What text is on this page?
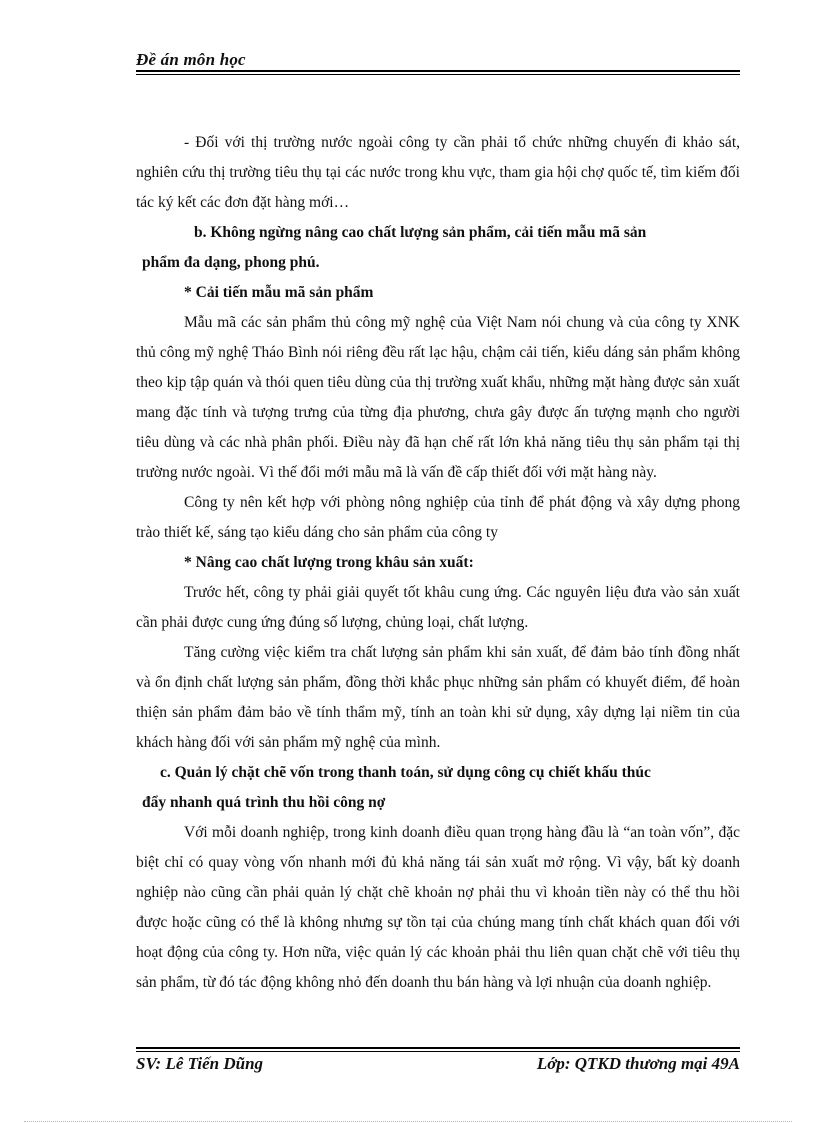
Đề án môn học

- Đối với thị trường nước ngoài công ty cần phải tổ chức những chuyến đi khảo sát, nghiên cứu thị trường tiêu thụ tại các nước trong khu vực, tham gia hội chợ quốc tế, tìm kiếm đối tác ký kết các đơn đặt hàng mới…

b. Không ngừng nâng cao chất lượng sản phẩm, cải tiến mẫu mã sản
phẩm đa dạng, phong phú.

* Cải tiến mẫu mã sản phẩm

Mẫu mã các sản phẩm thủ công mỹ nghệ của Việt Nam nói chung và của công ty XNK thủ công mỹ nghệ Tháo Bình nói riêng đều rất lạc hậu, chậm cải tiến, kiểu dáng sản phẩm không theo kịp tập quán và thói quen tiêu dùng của thị trường xuất khẩu, những mặt hàng được sản xuất mang đặc tính và tượng trưng của từng địa phương, chưa gây được ấn tượng mạnh cho người tiêu dùng và các nhà phân phối. Điều này đã hạn chế rất lớn khả năng tiêu thụ sản phẩm tại thị trường nước ngoài. Vì thế đổi mới mẫu mã là vấn đề cấp thiết đối với mặt hàng này.

Công ty nên kết hợp với phòng nông nghiệp của tỉnh để phát động và xây dựng phong trào thiết kế, sáng tạo kiểu dáng cho sản phẩm của công ty

* Nâng cao chất lượng trong khâu sản xuất:

Trước hết, công ty phải giải quyết tốt khâu cung ứng. Các nguyên liệu đưa vào sản xuất cần phải được cung ứng đúng số lượng, chủng loại, chất lượng.

Tăng cường việc kiểm tra chất lượng sản phẩm khi sản xuất, để đảm bảo tính đồng nhất và ổn định chất lượng sản phẩm, đồng thời khắc phục những sản phẩm có khuyết điểm, để hoàn thiện sản phẩm đảm bảo về tính thẩm mỹ, tính an toàn khi sử dụng, xây dựng lại niềm tin của khách hàng đối với sản phẩm mỹ nghệ của mình.

c. Quản lý chặt chẽ vốn trong thanh toán, sử dụng công cụ chiết khấu thúc
đẩy nhanh quá trình thu hồi công nợ

Với mỗi doanh nghiệp, trong kinh doanh điều quan trọng hàng đầu là “an toàn vốn”, đặc biệt chỉ có quay vòng vốn nhanh mới đủ khả năng tái sản xuất mở rộng. Vì vậy, bất kỳ doanh nghiệp nào cũng cần phải quản lý chặt chẽ khoản nợ phải thu vì khoản tiền này có thể thu hồi được hoặc cũng có thể là không nhưng sự tồn tại của chúng mang tính chất khách quan đối với hoạt động của công ty. Hơn nữa, việc quản lý các khoản phải thu liên quan chặt chẽ với tiêu thụ sản phẩm, từ đó tác động không nhỏ đến doanh thu bán hàng và lợi nhuận của doanh nghiệp.

SV: Lê Tiến Dũng	Lớp: QTKD thương mại 49A
